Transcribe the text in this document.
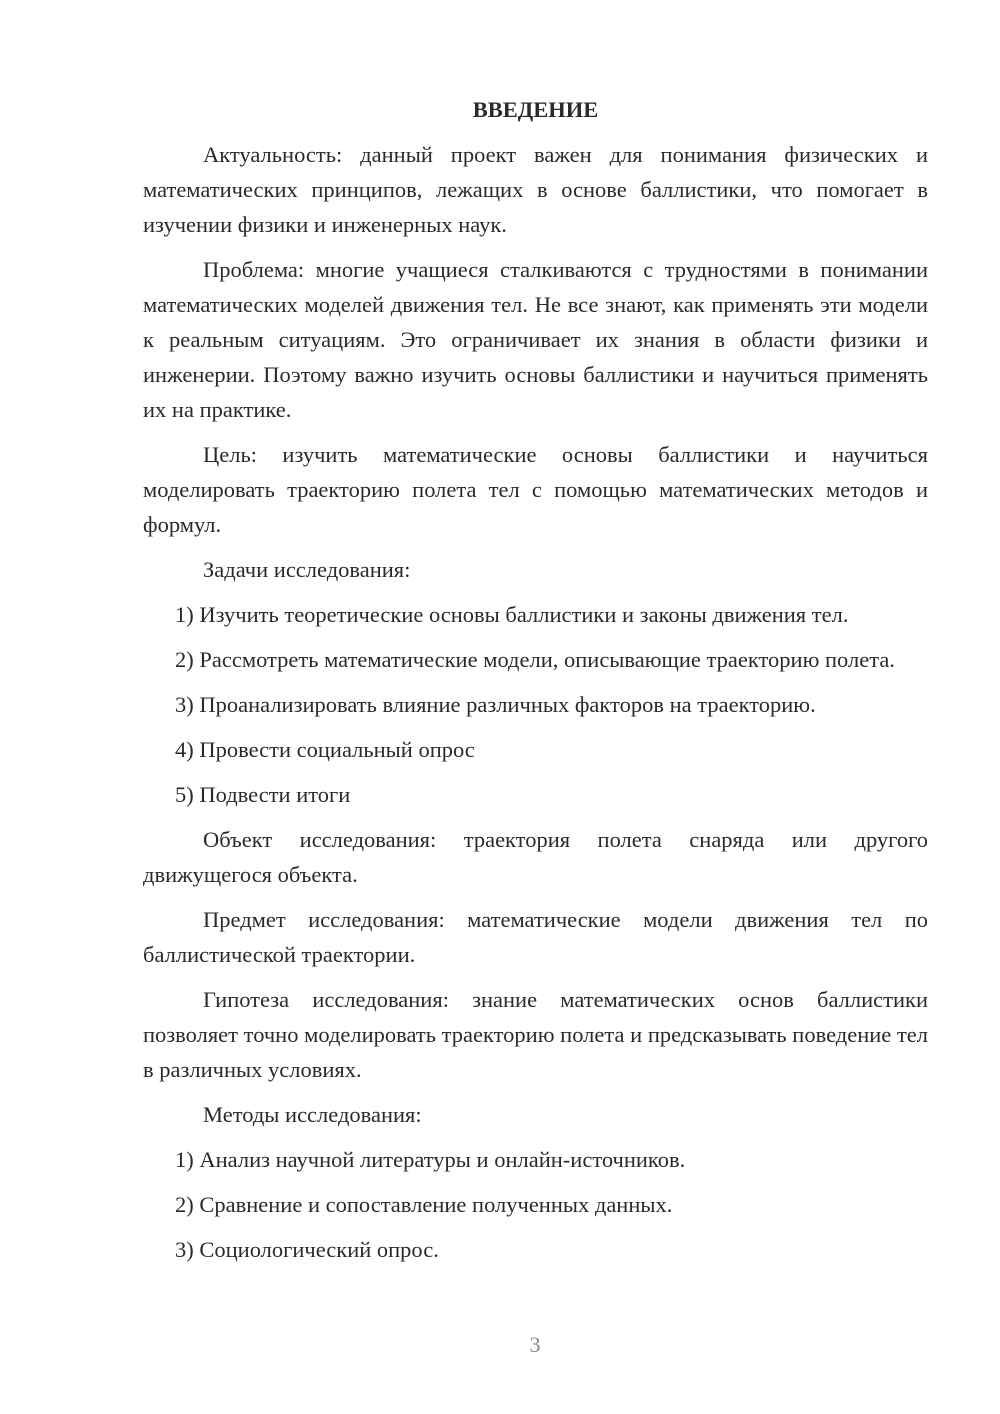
ВВЕДЕНИЕ

Актуальность: данный проект важен для понимания физических и математических принципов, лежащих в основе баллистики, что помогает в изучении физики и инженерных наук.

Проблема: многие учащиеся сталкиваются с трудностями в понимании математических моделей движения тел. Не все знают, как применять эти модели к реальным ситуациям. Это ограничивает их знания в области физики и инженерии. Поэтому важно изучить основы баллистики и научиться применять их на практике.

Цель: изучить математические основы баллистики и научиться моделировать траекторию полета тел с помощью математических методов и формул.

Задачи исследования:

1) Изучить теоретические основы баллистики и законы движения тел.

2) Рассмотреть математические модели, описывающие траекторию полета.

3) Проанализировать влияние различных факторов на траекторию.

4) Провести социальный опрос

5) Подвести итоги

Объект исследования: траектория полета снаряда или другого движущегося объекта.

Предмет исследования: математические модели движения тел по баллистической траектории.

Гипотеза исследования: знание математических основ баллистики позволяет точно моделировать траекторию полета и предсказывать поведение тел в различных условиях.

Методы исследования:

1) Анализ научной литературы и онлайн-источников.

2) Сравнение и сопоставление полученных данных.

3) Социологический опрос.

3
